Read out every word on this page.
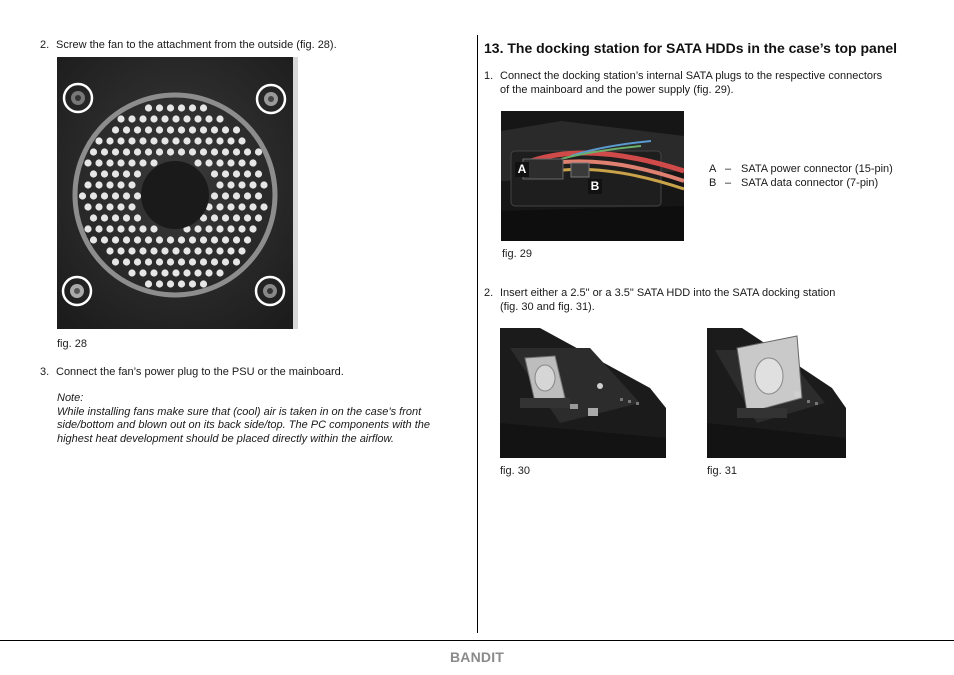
2. Screw the fan to the attachment from the outside (fig. 28).
fig. 28
3. Connect the fan’s power plug to the PSU or the mainboard.
Note:
While installing fans make sure that (cool) air is taken in on the case’s front
side/bottom and blown out on its back side/top. The PC components with the
highest heat development should be placed directly within the airflow.
13. The docking station for SATA HDDs in the case’s top panel
1. Connect the docking station’s internal SATA plugs to the respective connectors
of the mainboard and the power supply (fig. 29).
A
B
A – SATA power connector (15-pin)
B – SATA data connector (7-pin)
fig. 29
2. Insert either a 2.5" or a 3.5" SATA HDD into the SATA docking station
(fig. 30 and fig. 31).
fig. 30	fig. 31
BANDIT
